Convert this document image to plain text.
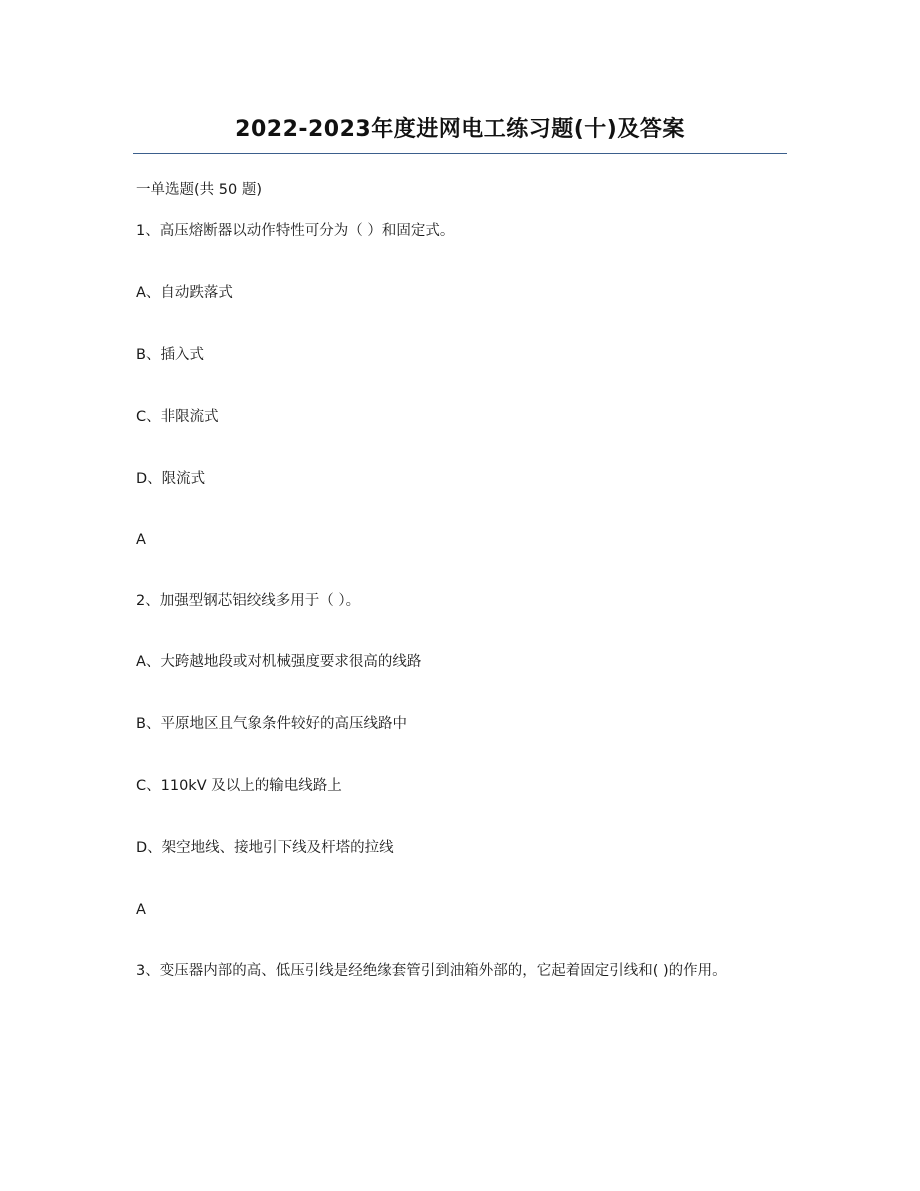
2022-2023年度进网电工练习题(十)及答案
一单选题(共 50 题)
1、高压熔断器以动作特性可分为（ ）和固定式。
A、自动跌落式
B、插入式
C、非限流式
D、限流式
A
2、加强型钢芯铝绞线多用于（ ）。
A、大跨越地段或对机械强度要求很高的线路
B、平原地区且气象条件较好的高压线路中
C、110kV 及以上的输电线路上
D、架空地线、接地引下线及杆塔的拉线
A
3、变压器内部的高、低压引线是经绝缘套管引到油箱外部的，它起着固定引线和( )的作用。
